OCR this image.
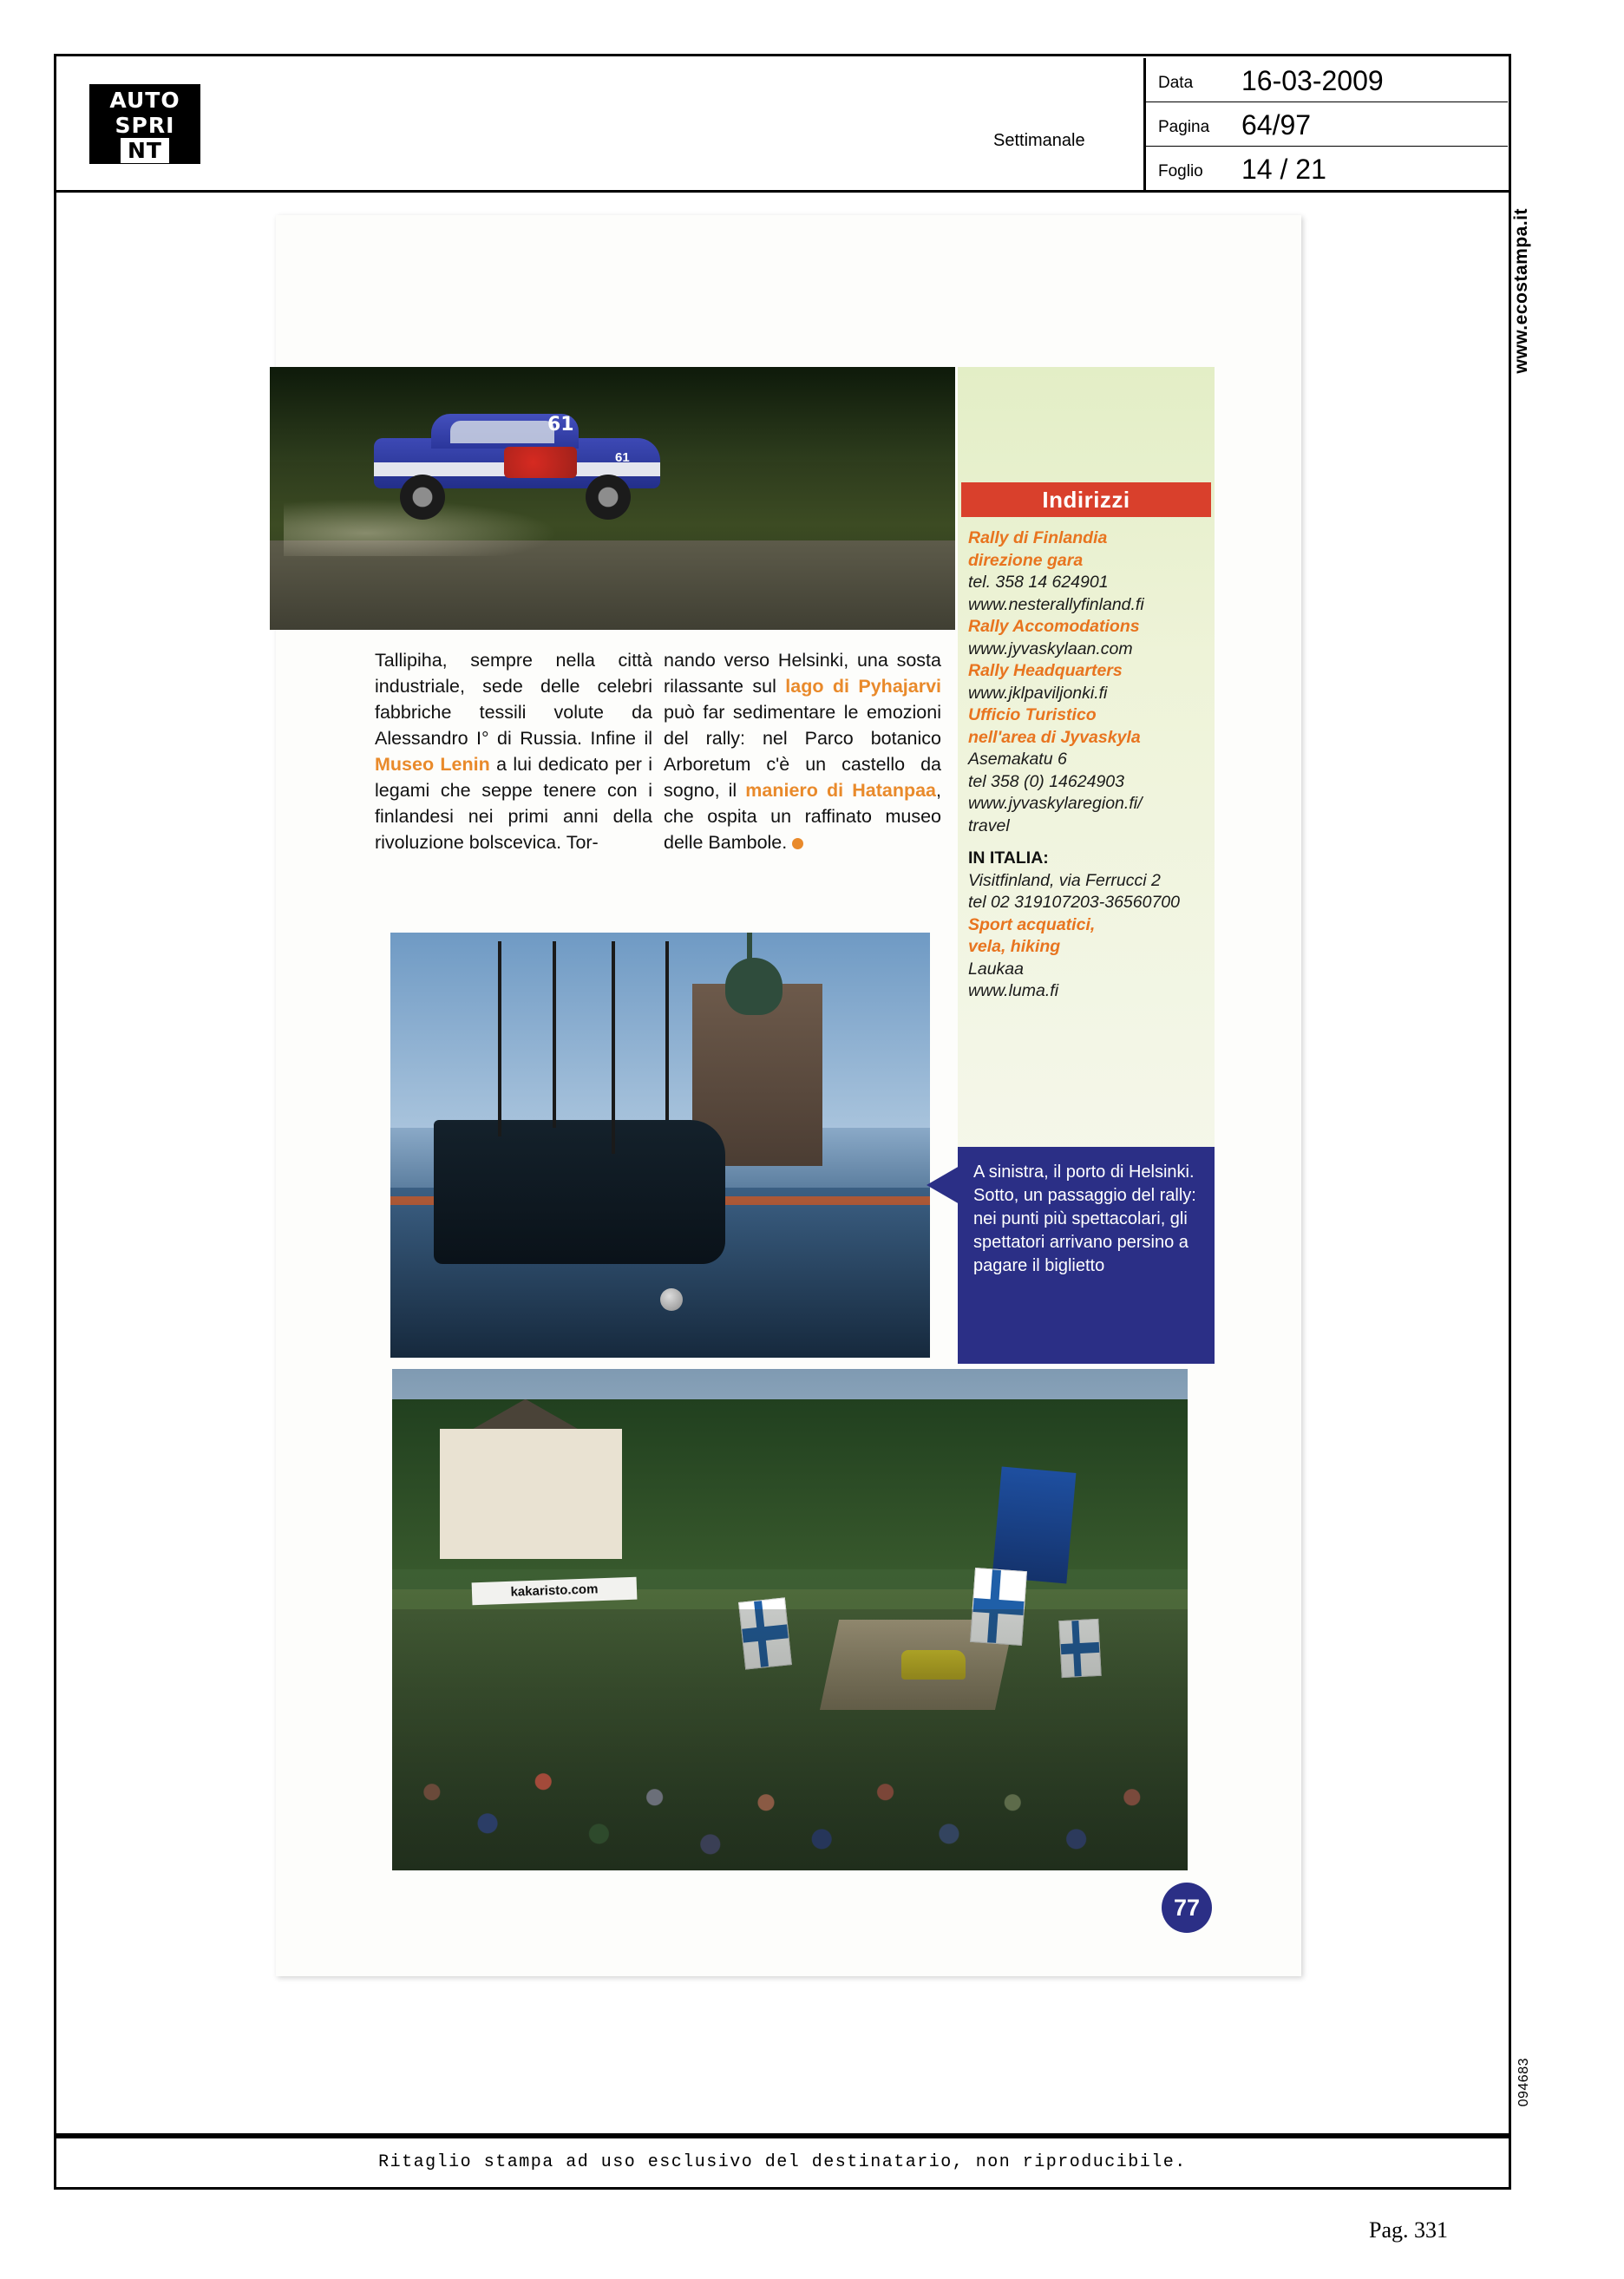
AUTO
SPRI
NT	Settimanale
Data 16-03-2009
Pagina 64/97
Foglio 14 / 21
www.ecostampa.it
094683
61
61
Tallipiha, sempre nella città industriale, sede delle celebri fabbriche tessili volute da Alessandro I° di Russia. Infine il Museo Lenin a lui dedicato per i legami che seppe tenere con i finlandesi nei primi anni della rivoluzione bolscevica. Tor-
nando verso Helsinki, una sosta rilassante sul lago di Pyhajarvi può far sedimentare le emozioni del rally: nel Parco botanico Arboretum c'è un castello da sogno, il maniero di Hatanpaa, che ospita un raffinato museo delle Bambole.
Indirizzi
Rally di Finlandia
direzione gara
tel. 358 14 624901
www.nesterallyfinland.fi
Rally Accomodations
www.jyvaskylaan.com
Rally Headquarters
www.jklpaviljonki.fi
Ufficio Turistico
nell'area di Jyvaskyla
Asemakatu 6
tel 358 (0) 14624903
www.jyvaskylaregion.fi/
travel
IN ITALIA:
Visitfinland, via Ferrucci 2
tel 02 319107203-36560700
Sport acquatici,
vela, hiking
Laukaa
www.luma.fi
A sinistra, il porto di Helsinki. Sotto, un passaggio del rally: nei punti più spettacolari, gli spettatori arrivano persino a pagare il biglietto
kakaristo.com
77
Ritaglio stampa ad uso esclusivo del destinatario, non riproducibile.
Pag. 331
